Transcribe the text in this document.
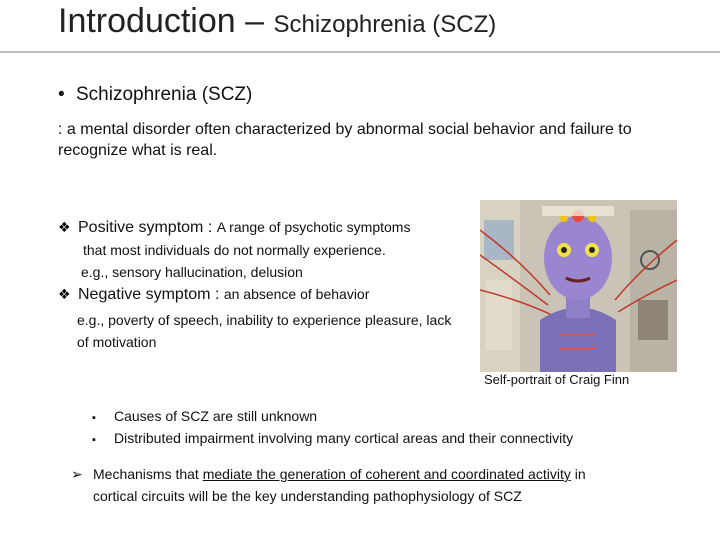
Introduction – Schizophrenia (SCZ)
• Schizophrenia (SCZ)
: a mental disorder often characterized by abnormal social behavior and failure to recognize what is real.
❖ Positive symptom : A range of psychotic symptoms
that most individuals do not normally experience.
e.g., sensory hallucination, delusion
❖ Negative symptom : an absence of behavior
e.g., poverty of speech, inability to experience pleasure, lack of motivation
Self-portrait of Craig Finn
▪ Causes of SCZ are still unknown
▪ Distributed impairment involving many cortical areas and their connectivity
➢ Mechanisms that mediate the generation of coherent and coordinated activity in
cortical circuits will be the key understanding pathophysiology of SCZ
